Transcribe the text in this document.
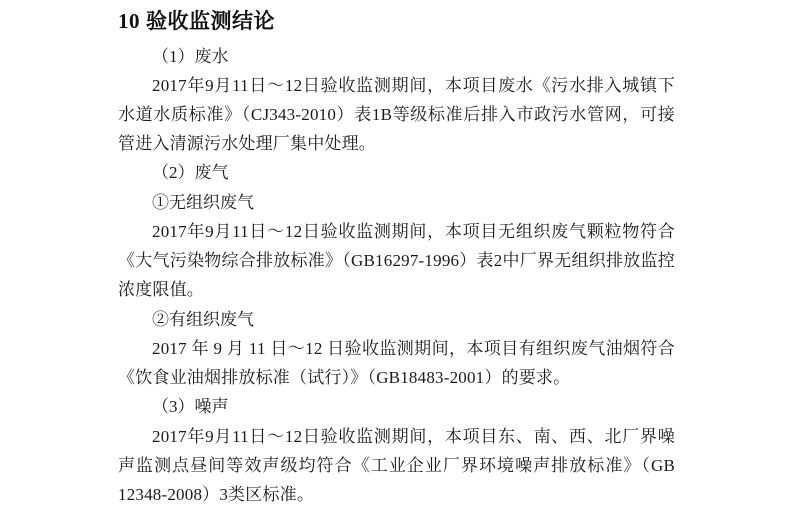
10 验收监测结论

（1）废水

2017年9月11日～12日验收监测期间，本项目废水《污水排入城镇下水道水质标准》（CJ343-2010）表1B等级标准后排入市政污水管网，可接管进入清源污水处理厂集中处理。

（2）废气

①无组织废气

2017年9月11日～12日验收监测期间，本项目无组织废气颗粒物符合《大气污染物综合排放标准》（GB16297-1996）表2中厂界无组织排放监控浓度限值。

②有组织废气

2017 年 9 月 11 日～12 日验收监测期间，本项目有组织废气油烟符合《饮食业油烟排放标准（试行）》（GB18483-2001）的要求。

（3）噪声

2017年9月11日～12日验收监测期间，本项目东、南、西、北厂界噪声监测点昼间等效声级均符合《工业企业厂界环境噪声排放标准》（GB 12348-2008）3类区标准。
